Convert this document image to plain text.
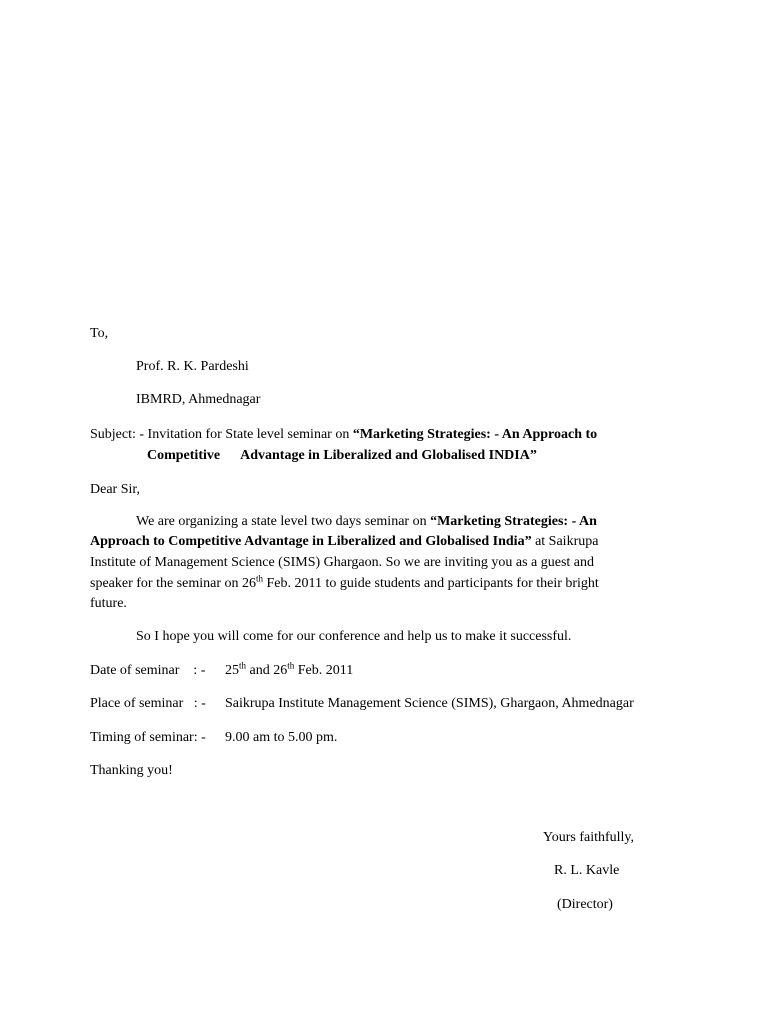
To,

Prof. R. K. Pardeshi

IBMRD, Ahmednagar

Subject: - Invitation for State level seminar on “Marketing Strategies: - An Approach to

Competitive Advantage in Liberalized and Globalised INDIA”

Dear Sir,

We are organizing a state level two days seminar on “Marketing Strategies: - An

Approach to Competitive Advantage in Liberalized and Globalised India” at Saikrupa

Institute of Management Science (SIMS) Ghargaon. So we are inviting you as a guest and

speaker for the seminar on 26th Feb. 2011 to guide students and participants for their bright

future.

So I hope you will come for our conference and help us to make it successful.

Date of seminar    : - 25th and 26th Feb. 2011

Place of seminar   : - Saikrupa Institute Management Science (SIMS), Ghargaon, Ahmednagar

Timing of seminar: - 9.00 am to 5.00 pm.

Thanking you!

Yours faithfully,

R. L. Kavle

(Director)
